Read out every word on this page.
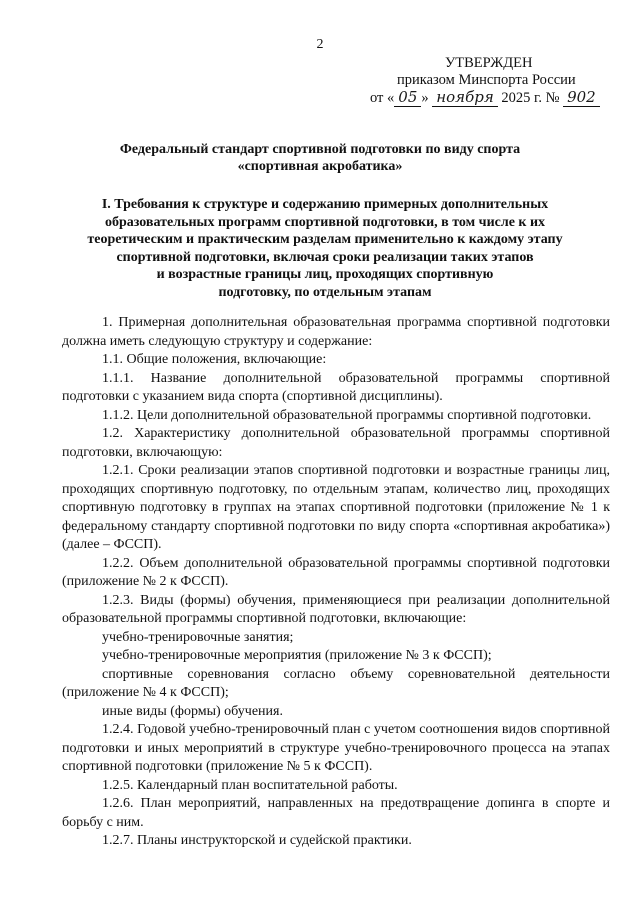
2
УТВЕРЖДЕН
приказом Минспорта России
от « 05 » ноября 2025 г. № 902
Федеральный стандарт спортивной подготовки по виду спорта
«спортивная акробатика»
I. Требования к структуре и содержанию примерных дополнительных
образовательных программ спортивной подготовки, в том числе к их
теоретическим и практическим разделам применительно к каждому этапу
спортивной подготовки, включая сроки реализации таких этапов
и возрастные границы лиц, проходящих спортивную
подготовку, по отдельным этапам

1. Примерная дополнительная образовательная программа спортивной подготовки должна иметь следующую структуру и содержание:

1.1. Общие положения, включающие:

1.1.1. Название дополнительной образовательной программы спортивной подготовки с указанием вида спорта (спортивной дисциплины).

1.1.2. Цели дополнительной образовательной программы спортивной подготовки.

1.2. Характеристику дополнительной образовательной программы спортивной подготовки, включающую:

1.2.1. Сроки реализации этапов спортивной подготовки и возрастные границы лиц, проходящих спортивную подготовку, по отдельным этапам, количество лиц, проходящих спортивную подготовку в группах на этапах спортивной подготовки (приложение № 1 к федеральному стандарту спортивной подготовки по виду спорта «спортивная акробатика») (далее – ФССП).

1.2.2. Объем дополнительной образовательной программы спортивной подготовки (приложение № 2 к ФССП).

1.2.3. Виды (формы) обучения, применяющиеся при реализации дополнительной образовательной программы спортивной подготовки, включающие:

учебно-тренировочные занятия;

учебно-тренировочные мероприятия (приложение № 3 к ФССП);

спортивные соревнования согласно объему соревновательной деятельности (приложение № 4 к ФССП);

иные виды (формы) обучения.

1.2.4. Годовой учебно-тренировочный план с учетом соотношения видов спортивной подготовки и иных мероприятий в структуре учебно-тренировочного процесса на этапах спортивной подготовки (приложение № 5 к ФССП).

1.2.5. Календарный план воспитательной работы.

1.2.6. План мероприятий, направленных на предотвращение допинга в спорте и борьбу с ним.

1.2.7. Планы инструкторской и судейской практики.
